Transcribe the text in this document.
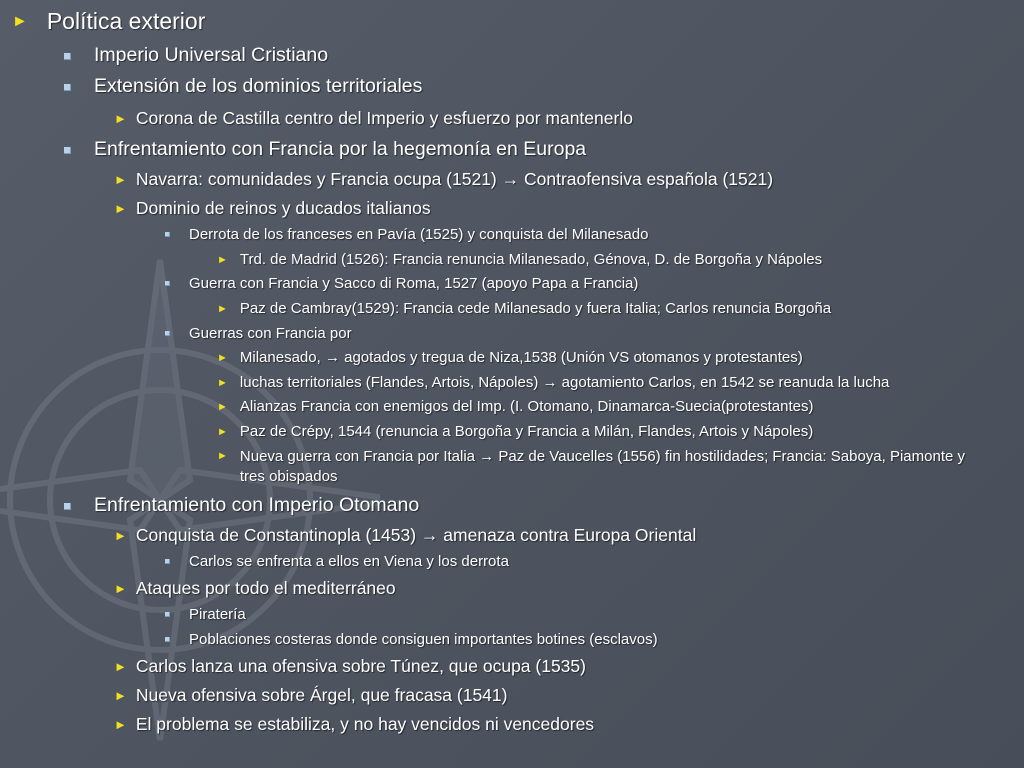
► Política exterior
Imperio Universal Cristiano
Extensión de los dominios territoriales
► Corona de Castilla centro del Imperio y esfuerzo por mantenerlo
Enfrentamiento con Francia por la hegemonía en Europa
► Navarra: comunidades y Francia ocupa (1521) → Contraofensiva española (1521)
► Dominio de reinos y ducados italianos
Derrota de los franceses en Pavía (1525) y conquista del Milanesado
► Trd. de Madrid (1526): Francia renuncia Milanesado, Génova, D. de Borgoña y Nápoles
Guerra con Francia y Sacco di Roma, 1527 (apoyo Papa a Francia)
► Paz de Cambray(1529): Francia cede Milanesado y fuera Italia; Carlos renuncia Borgoña
Guerras con Francia por
► Milanesado, → agotados y tregua de Niza,1538 (Unión VS otomanos y protestantes)
► luchas territoriales (Flandes, Artois, Nápoles) → agotamiento Carlos, en 1542 se reanuda la lucha
► Alianzas Francia con enemigos del Imp. (I. Otomano, Dinamarca-Suecia(protestantes)
► Paz de Crépy, 1544 (renuncia a Borgoña y Francia a Milán, Flandes, Artois y Nápoles)
► Nueva guerra con Francia por Italia → Paz de Vaucelles (1556) fin hostilidades; Francia: Saboya, Piamonte y tres obispados
Enfrentamiento con Imperio Otomano
► Conquista de Constantinopla (1453) → amenaza contra Europa Oriental
Carlos se enfrenta a ellos en Viena y los derrota
► Ataques por todo el mediterráneo
Piratería
Poblaciones costeras donde consiguen importantes botines (esclavos)
► Carlos lanza una ofensiva sobre Túnez, que ocupa (1535)
► Nueva ofensiva sobre Árgel, que fracasa (1541)
► El problema se estabiliza, y no hay vencidos ni vencedores
